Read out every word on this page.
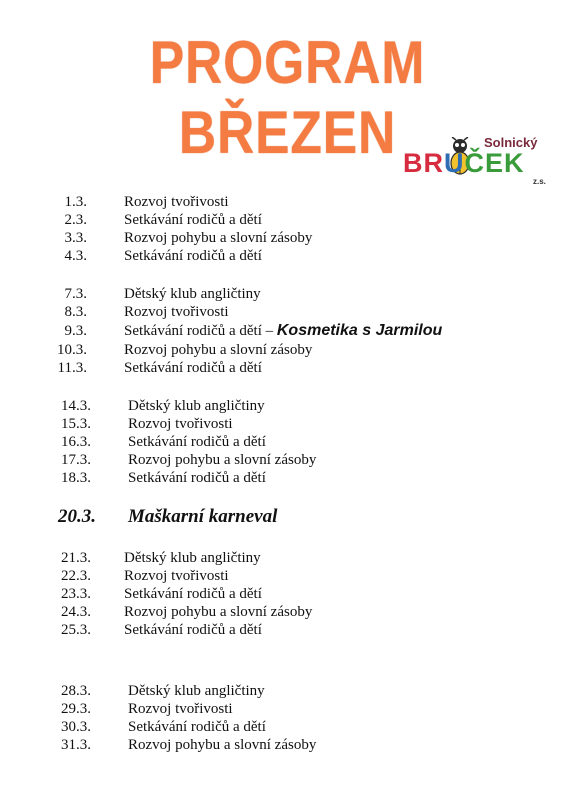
PROGRAM BŘEZEN	Solnický
BRUČEK
z.s.
1.3. Rozvoj tvořivosti
2.3. Setkávání rodičů a dětí
3.3. Rozvoj pohybu a slovní zásoby
4.3. Setkávání rodičů a dětí
7.3. Dětský klub angličtiny
8.3. Rozvoj tvořivosti
9.3. Setkávání rodičů a dětí – Kosmetika s Jarmilou
10.3. Rozvoj pohybu a slovní zásoby
11.3. Setkávání rodičů a dětí
14.3. Dětský klub angličtiny
15.3. Rozvoj tvořivosti
16.3. Setkávání rodičů a dětí
17.3. Rozvoj pohybu a slovní zásoby
18.3. Setkávání rodičů a dětí
20.3. Maškarní karneval
21.3. Dětský klub angličtiny
22.3. Rozvoj tvořivosti
23.3. Setkávání rodičů a dětí
24.3. Rozvoj pohybu a slovní zásoby
25.3. Setkávání rodičů a dětí
28.3. Dětský klub angličtiny
29.3. Rozvoj tvořivosti
30.3. Setkávání rodičů a dětí
31.3. Rozvoj pohybu a slovní zásoby
